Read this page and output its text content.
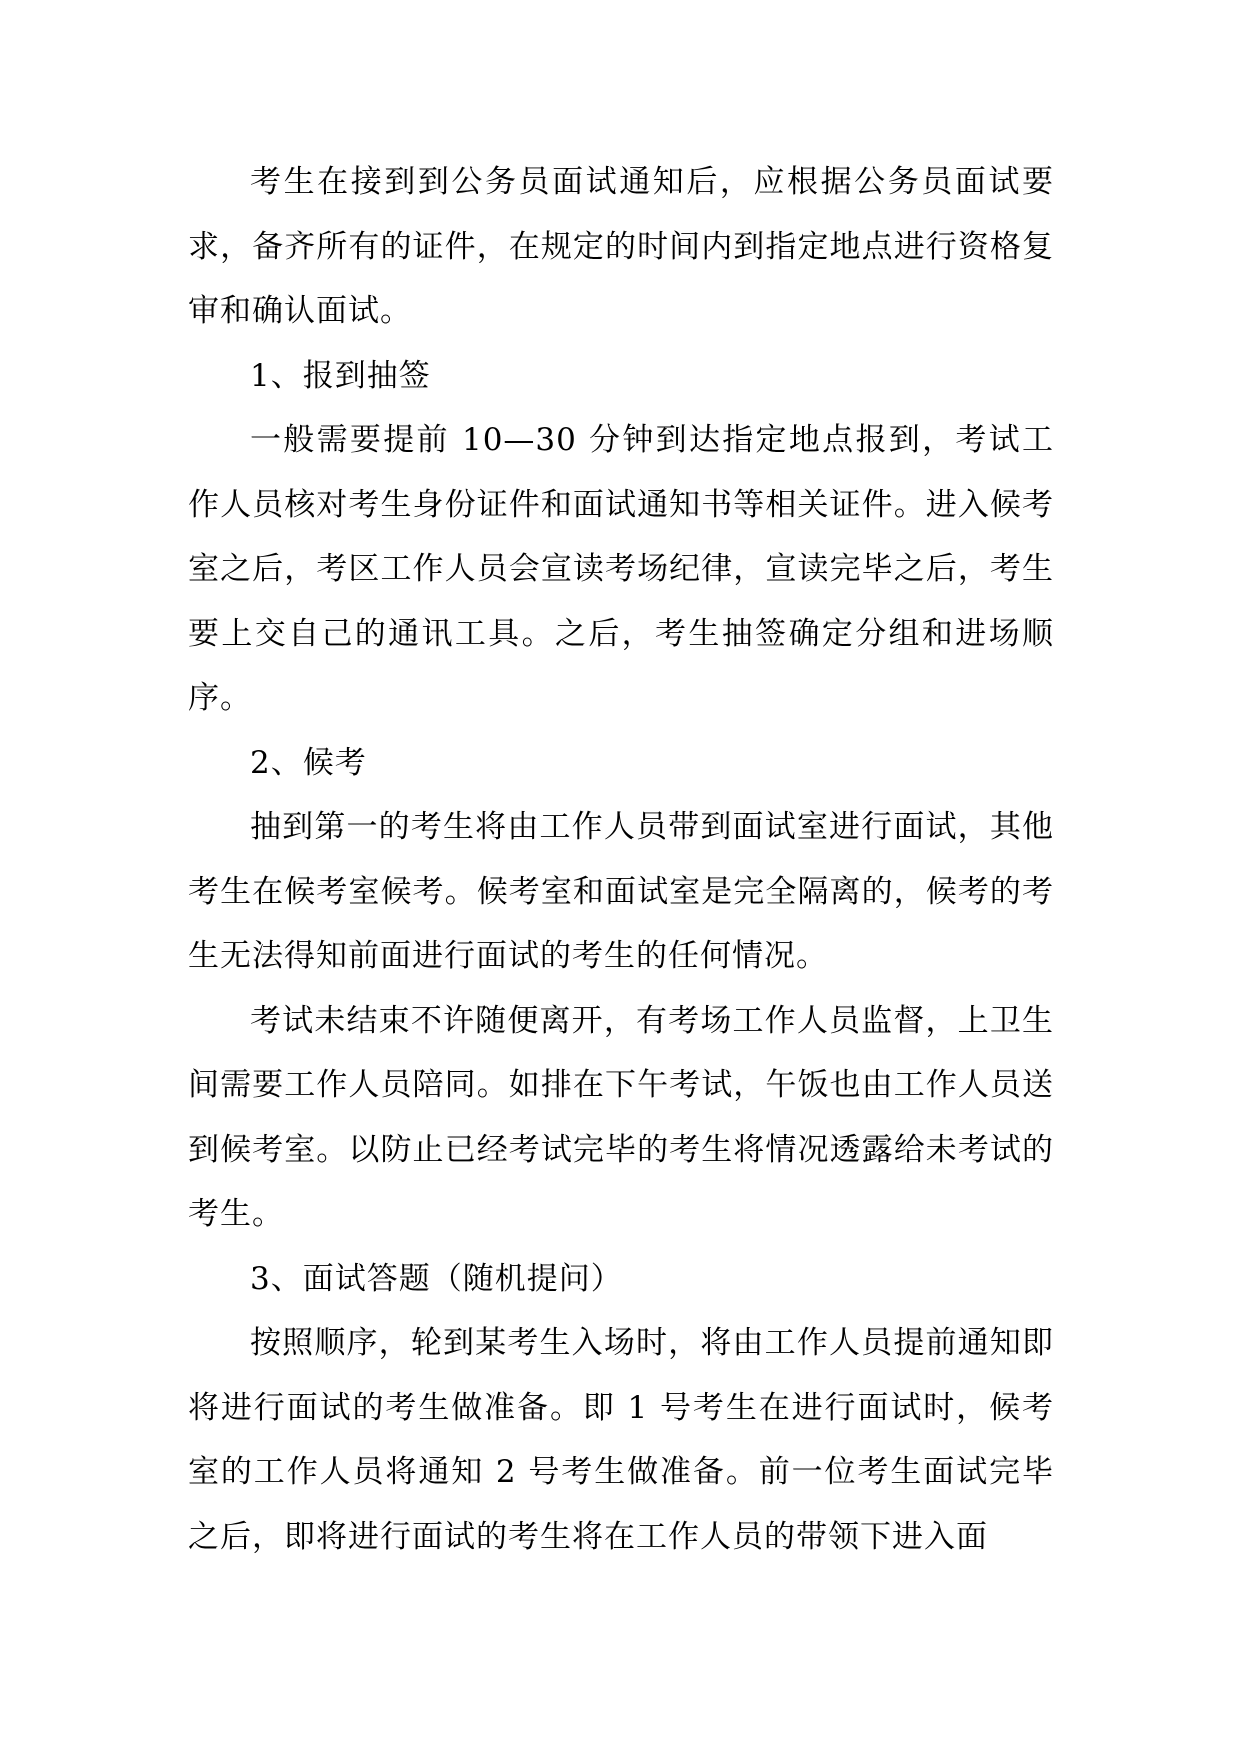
考生在接到到公务员面试通知后，应根据公务员面试要求，备齐所有的证件，在规定的时间内到指定地点进行资格复审和确认面试。

1、报到抽签

一般需要提前 10—30 分钟到达指定地点报到，考试工作人员核对考生身份证件和面试通知书等相关证件。进入候考室之后，考区工作人员会宣读考场纪律，宣读完毕之后，考生要上交自己的通讯工具。之后，考生抽签确定分组和进场顺序。

2、候考

抽到第一的考生将由工作人员带到面试室进行面试，其他考生在候考室候考。候考室和面试室是完全隔离的，候考的考生无法得知前面进行面试的考生的任何情况。

考试未结束不许随便离开，有考场工作人员监督，上卫生间需要工作人员陪同。如排在下午考试，午饭也由工作人员送到候考室。以防止已经考试完毕的考生将情况透露给未考试的考生。

3、面试答题（随机提问）

按照顺序，轮到某考生入场时，将由工作人员提前通知即将进行面试的考生做准备。即 1 号考生在进行面试时，候考室的工作人员将通知 2 号考生做准备。前一位考生面试完毕之后，即将进行面试的考生将在工作人员的带领下进入面
